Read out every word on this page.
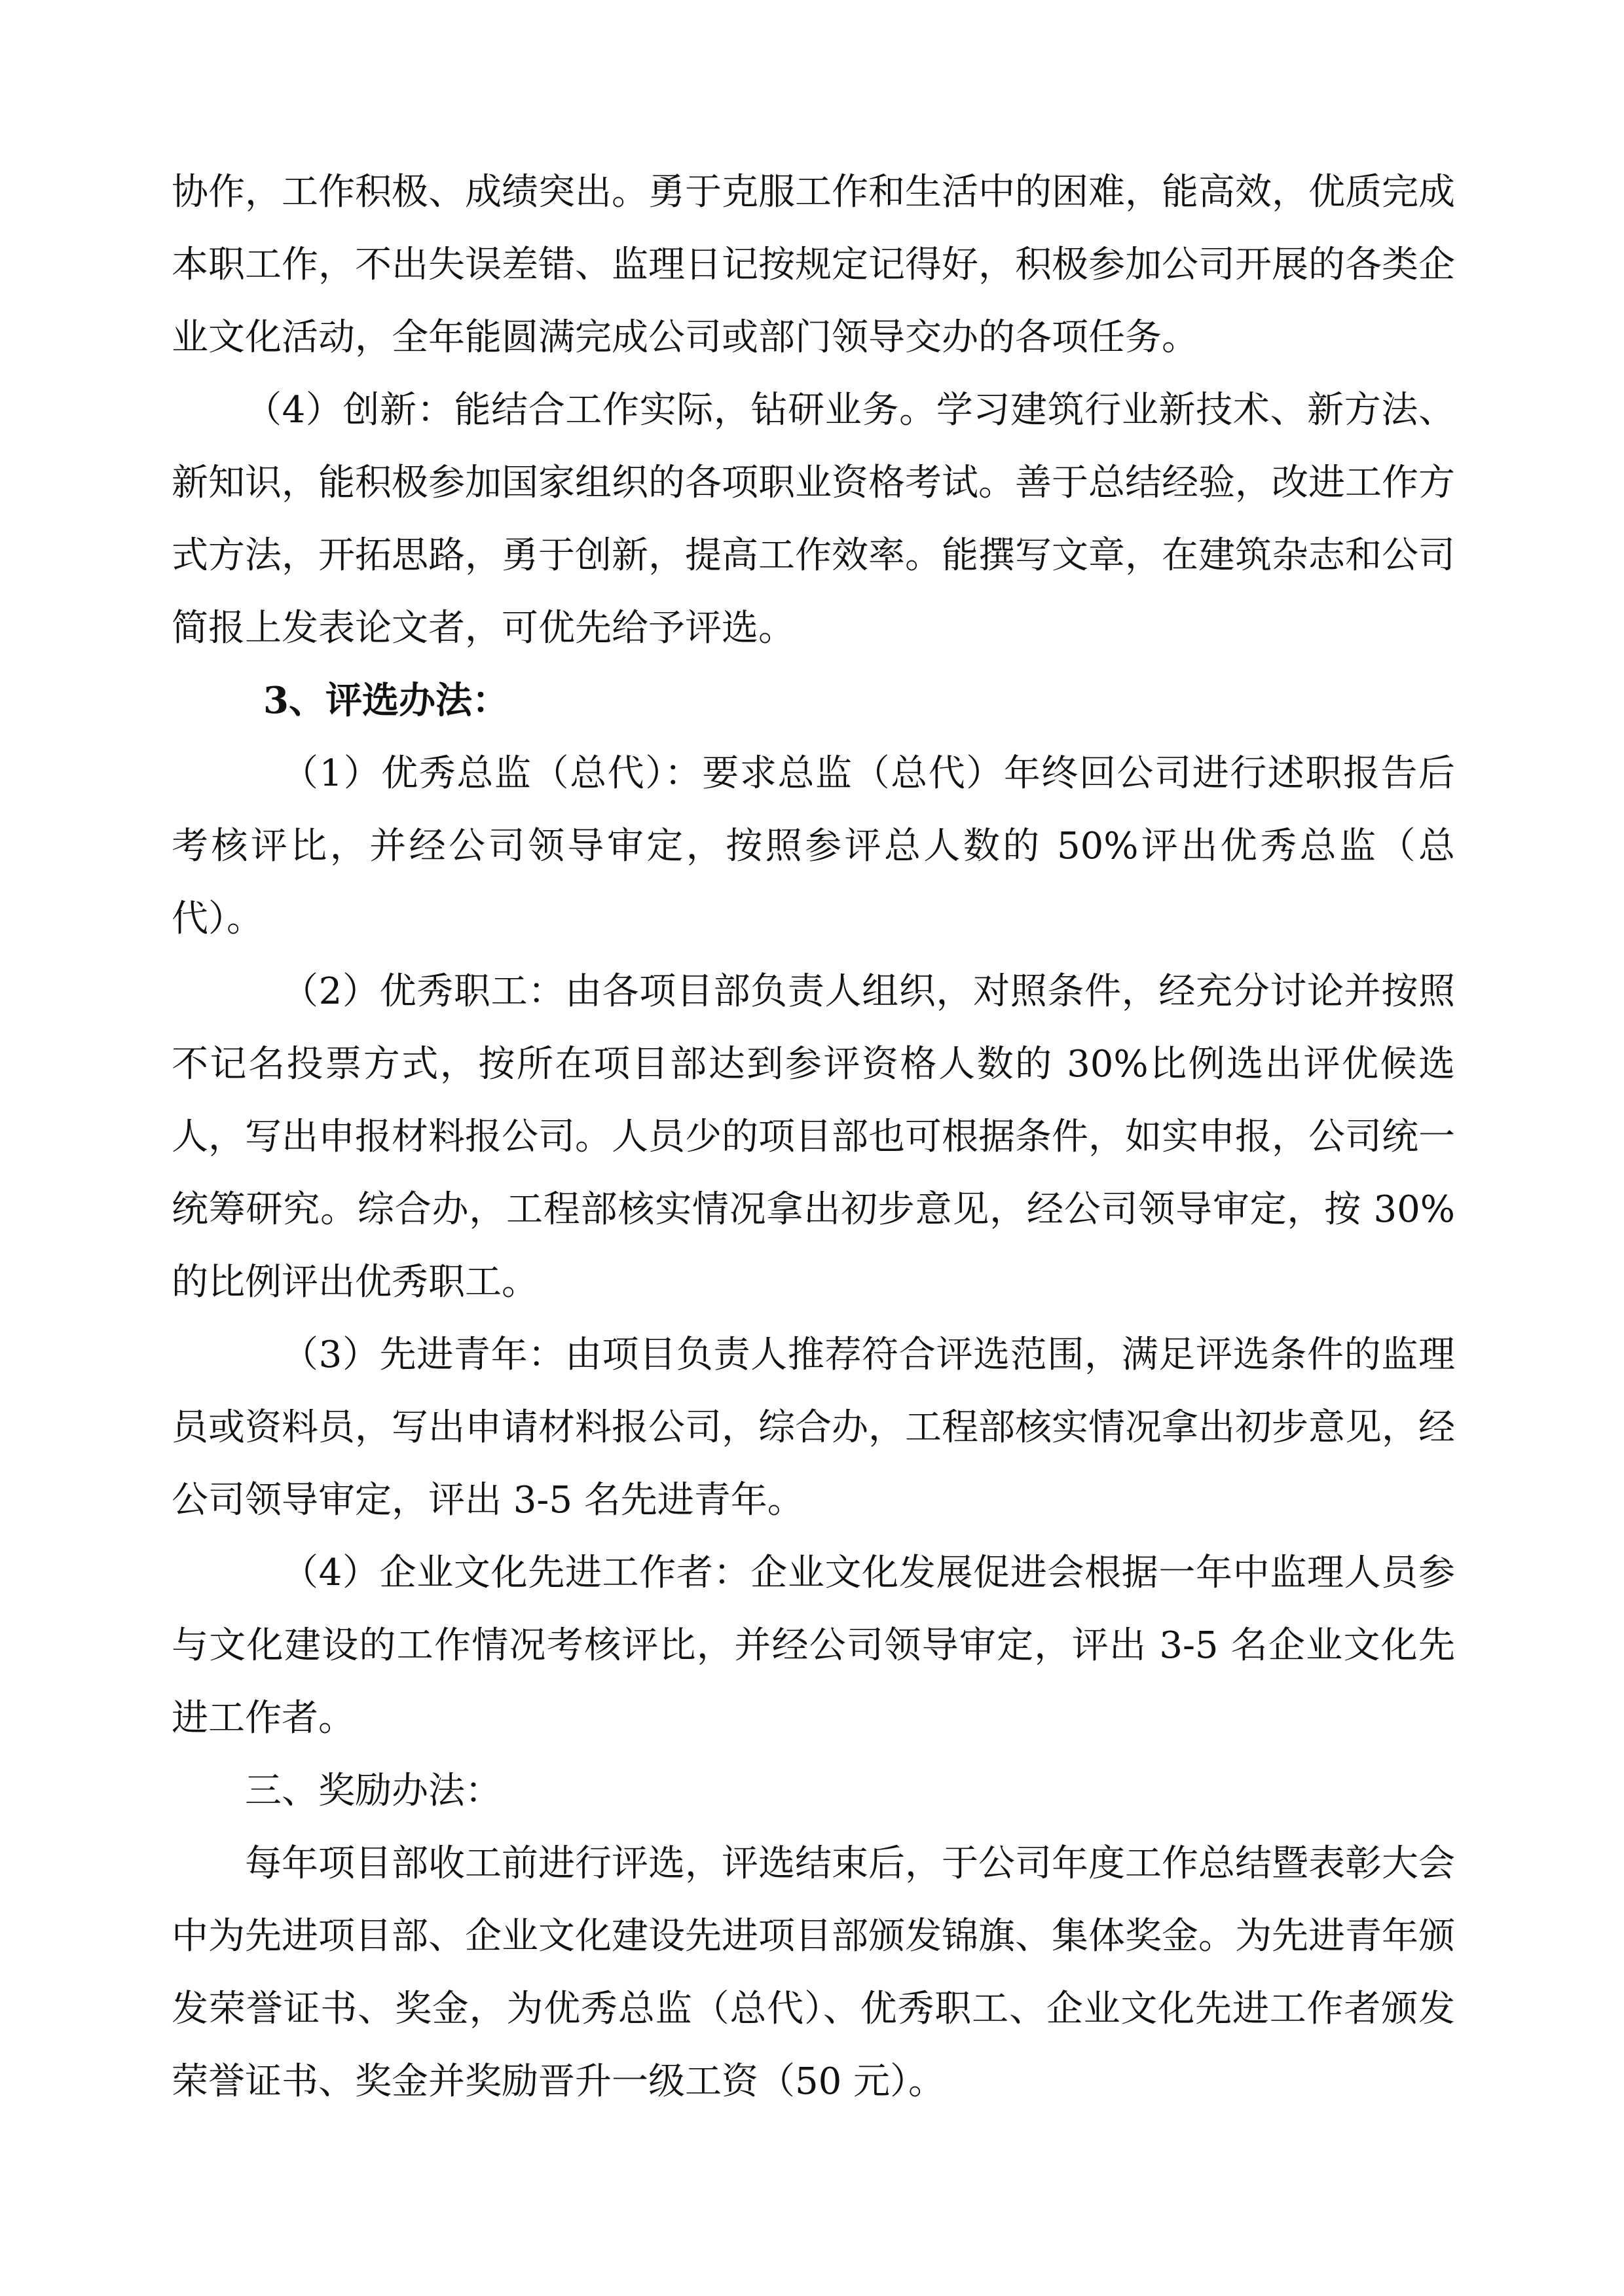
协作，工作积极、成绩突出。勇于克服工作和生活中的困难，能高效，优质完成本职工作，不出失误差错、监理日记按规定记得好，积极参加公司开展的各类企业文化活动，全年能圆满完成公司或部门领导交办的各项任务。

（4）创新：能结合工作实际，钻研业务。学习建筑行业新技术、新方法、新知识，能积极参加国家组织的各项职业资格考试。善于总结经验，改进工作方式方法，开拓思路，勇于创新，提高工作效率。能撰写文章，在建筑杂志和公司简报上发表论文者，可优先给予评选。

3、评选办法：

（1）优秀总监（总代）：要求总监（总代）年终回公司进行述职报告后考核评比，并经公司领导审定，按照参评总人数的 50%评出优秀总监（总代）。

（2）优秀职工：由各项目部负责人组织，对照条件，经充分讨论并按照不记名投票方式，按所在项目部达到参评资格人数的 30%比例选出评优候选人，写出申报材料报公司。人员少的项目部也可根据条件，如实申报，公司统一统筹研究。综合办，工程部核实情况拿出初步意见，经公司领导审定，按 30%的比例评出优秀职工。

（3）先进青年：由项目负责人推荐符合评选范围，满足评选条件的监理员或资料员，写出申请材料报公司，综合办，工程部核实情况拿出初步意见，经公司领导审定，评出 3-5 名先进青年。

（4）企业文化先进工作者：企业文化发展促进会根据一年中监理人员参与文化建设的工作情况考核评比，并经公司领导审定，评出 3-5 名企业文化先进工作者。

三、奖励办法：

每年项目部收工前进行评选，评选结束后，于公司年度工作总结暨表彰大会中为先进项目部、企业文化建设先进项目部颁发锦旗、集体奖金。为先进青年颁发荣誉证书、奖金，为优秀总监（总代）、优秀职工、企业文化先进工作者颁发荣誉证书、奖金并奖励晋升一级工资（50 元）。
